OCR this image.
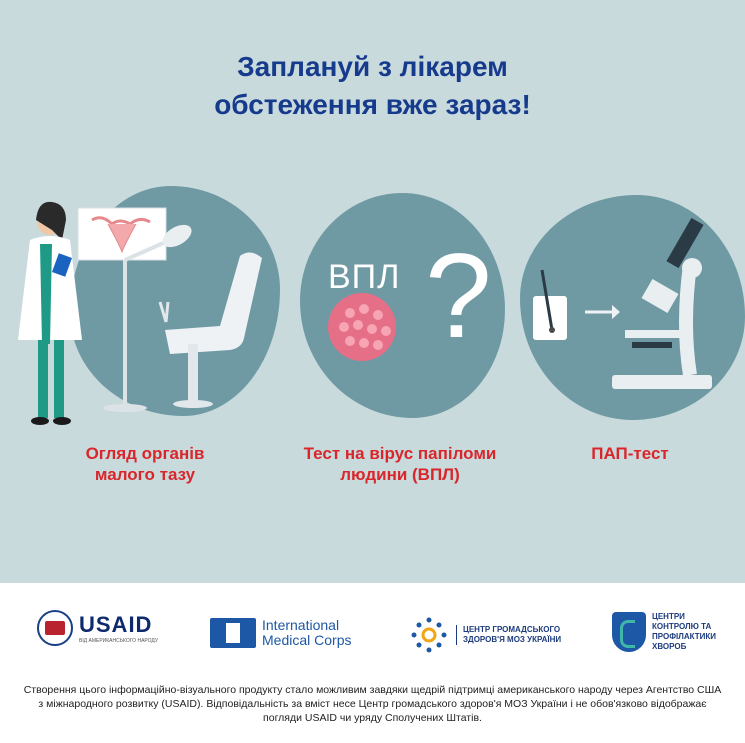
Заплануй з лікарем
обстеження вже зараз!
ВПЛ ?
Огляд органів малого тазу
Тест на вірус папіломи людини (ВПЛ)
ПАП-тест
USAID
ВІД АМЕРИКАНСЬКОГО НАРОДУ
International
Medical Corps
ЦЕНТР ГРОМАДСЬКОГО ЗДОРОВ'Я МОЗ УКРАЇНИ
ЦЕНТРИ КОНТРОЛЮ ТА ПРОФІЛАКТИКИ ХВОРОБ
Створення цього інформаційно-візуального продукту стало можливим завдяки щедрій підтримці американського народу через Агентство США з міжнародного розвитку (USAID). Відповідальність за вміст несе Центр громадського здоров'я МОЗ України і не обов'язково відображає погляди USAID чи уряду Сполучених Штатів.
